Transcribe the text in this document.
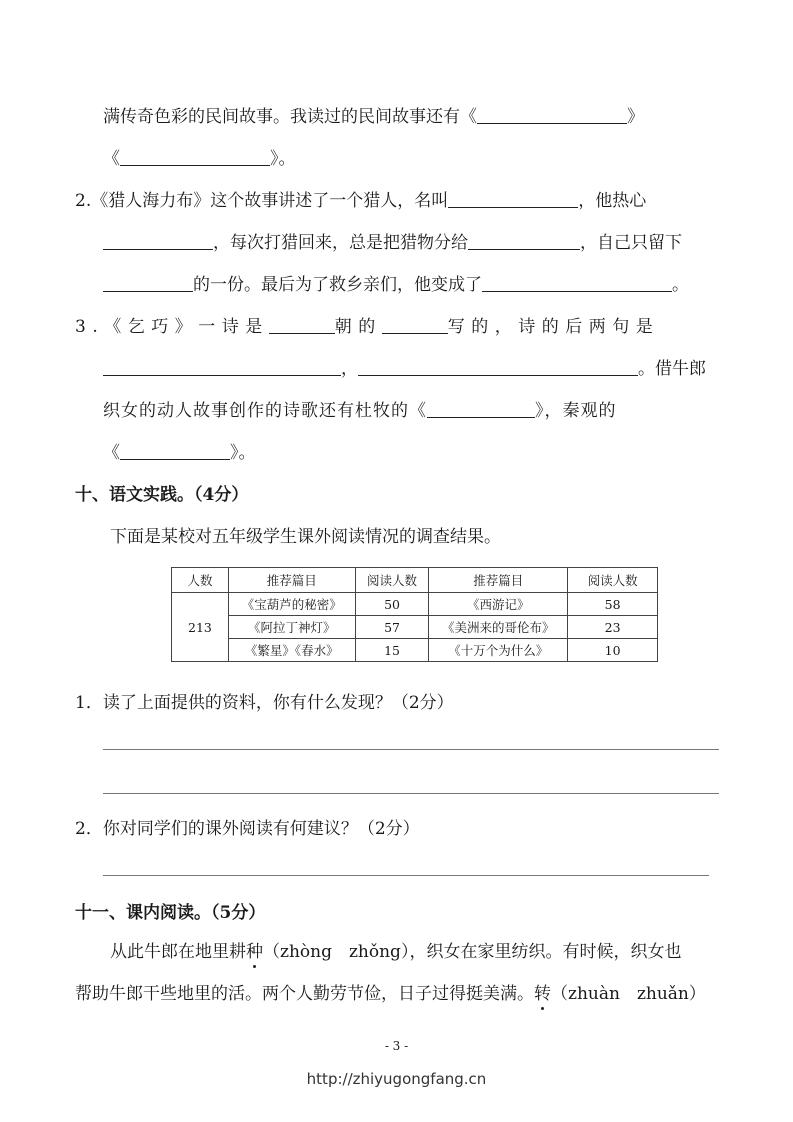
满传奇色彩的民间故事。我读过的民间故事还有《	》
《	》。
2.《猎人海力布》这个故事讲述了一个猎人，名叫	，他热心
，每次打猎回来，总是把猎物分给	，自己只留下
的一份。最后为了救乡亲们，他变成了	。
3.《乞巧》一诗是	朝的	写的，诗的后两句是
，	。借牛郎
织女的动人故事创作的诗歌还有杜牧的《	》，秦观的
《	》。
十、语文实践。（4分）
下面是某校对五年级学生课外阅读情况的调查结果。
人数	推荐篇目	阅读人数	推荐篇目	阅读人数
213	《宝葫芦的秘密》	50	《西游记》	58
	《阿拉丁神灯》	57	《美洲来的哥伦布》	23
	《繁星》《春水》	15	《十万个为什么》	10
1．读了上面提供的资料，你有什么发现？（2分）
2．你对同学们的课外阅读有何建议？（2分）
十一、课内阅读。（5分）
从此牛郎在地里耕种（zhòng　zhǒng），织女在家里纺织。有时候，织女也
帮助牛郎干些地里的活。两个人勤劳节俭，日子过得挺美满。转（zhuàn　zhuǎn）
- 3 -
http://zhiyugongfang.cn
